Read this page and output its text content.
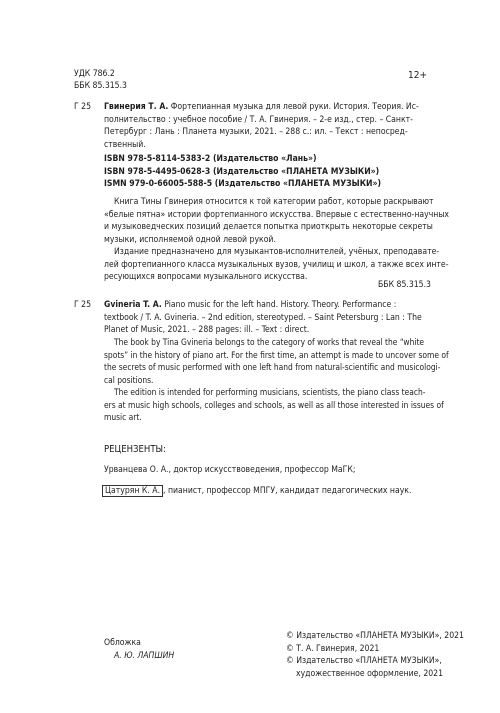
УДК 786.2
ББК 85.315.3
12+
Г 25	Гвинерия Т. А. Фортепианная музыка для левой руки. История. Теория. Ис-
полнительство : учебное пособие / Т. А. Гвинерия. – 2-е изд., стер. – Санкт-
Петербург : Лань : Планета музыки, 2021. – 288 с.: ил. – Текст : непосред-
ственный.
ISBN 978-5-8114-5383-2 (Издательство «Лань»)
ISBN 978-5-4495-0628-3 (Издательство «ПЛАНЕТА МУЗЫКИ»)
ISMN 979-0-66005-588-5 (Издательство «ПЛАНЕТА МУЗЫКИ»)
Книга Тины Гвинерия относится к той категории работ, которые раскрывают
«белые пятна» истории фортепианного искусства. Впервые с естественно-научных
и музыковедческих позиций делается попытка приоткрыть некоторые секреты
музыки, исполняемой одной левой рукой.
Издание предназначено для музыкантов-исполнителей, учёных, преподавате-
лей фортепианного класса музыкальных вузов, училищ и школ, а также всех инте-
ресующихся вопросами музыкального искусства.
ББК 85.315.3
Г 25	Gvineria T. A. Piano music for the left hand. History. Theory. Performance :
textbook / T. A. Gvineria. – 2nd edition, stereotyped. – Saint Petersburg : Lan : The
Planet of Music, 2021. – 288 pages: ill. – Text : direct.
The book by Tina Gvineria belongs to the category of works that reveal the “white
spots” in the history of piano art. For the first time, an attempt is made to uncover some of
the secrets of music performed with one left hand from natural-scientific and musicologi-
cal positions.
The edition is intended for performing musicians, scientists, the piano class teach-
ers at music high schools, colleges and schools, as well as all those interested in issues of
music art.
РЕЦЕНЗЕНТЫ:
Урванцева О. А., доктор искусствоведения, профессор МаГК;
Цатурян К. А. , пианист, профессор МПГУ, кандидат педагогических наук.
Обложка
А. Ю. ЛАПШИН
© Издательство «ПЛАНЕТА МУЗЫКИ», 2021
© Т. А. Гвинерия, 2021
© Издательство «ПЛАНЕТА МУЗЫКИ»,
художественное оформление, 2021
